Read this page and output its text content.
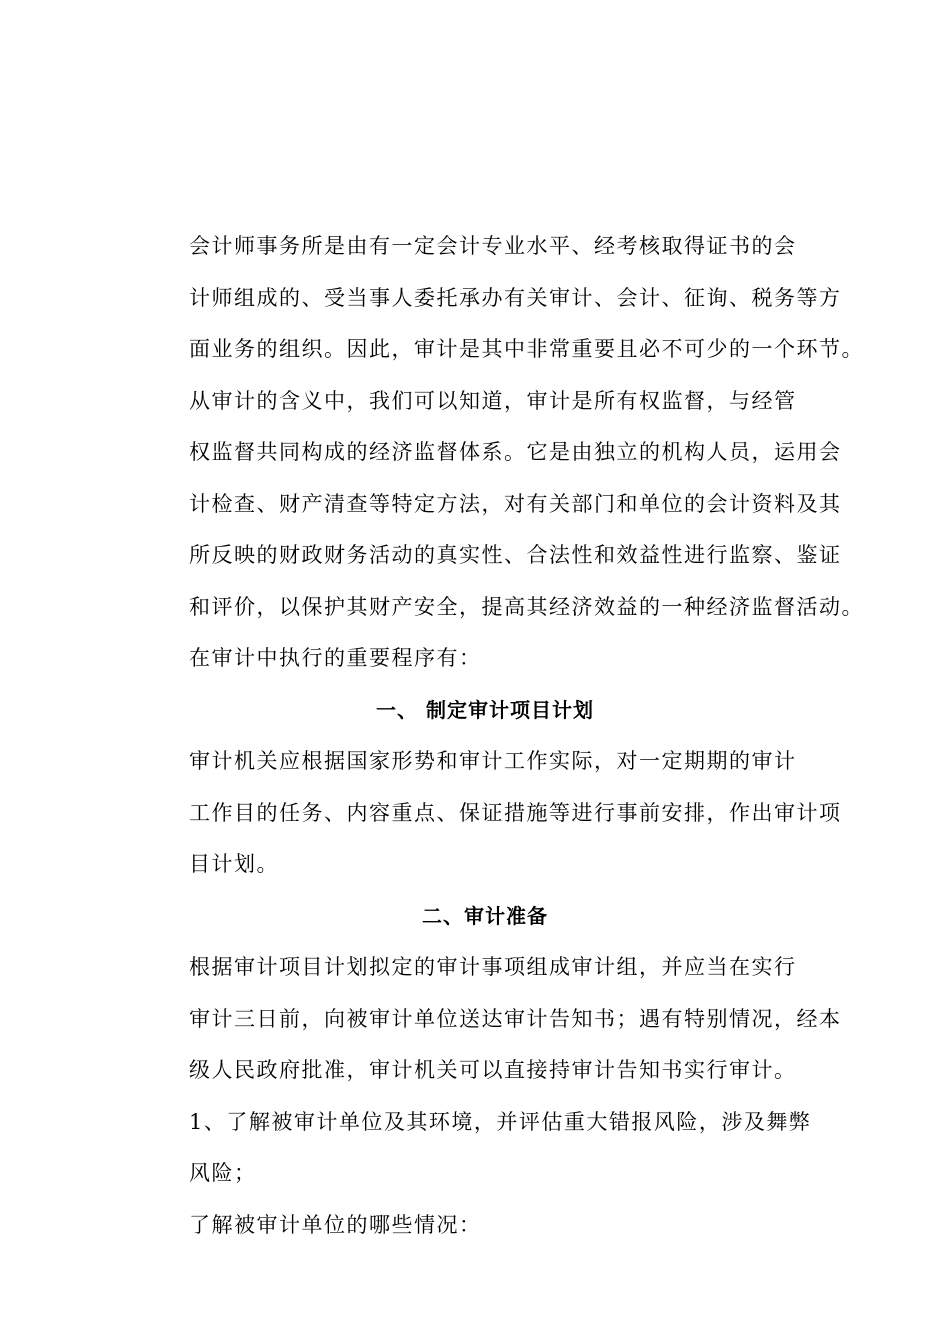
会计师事务所是由有一定会计专业水平、经考核取得证书的会
计师组成的、受当事人委托承办有关审计、会计、征询、税务等方
面业务的组织。因此，审计是其中非常重要且必不可少的一个环节。

从审计的含义中，我们可以知道，审计是所有权监督，与经管
权监督共同构成的经济监督体系。它是由独立的机构人员，运用会
计检查、财产清查等特定方法，对有关部门和单位的会计资料及其
所反映的财政财务活动的真实性、合法性和效益性进行监察、鉴证
和评价，以保护其财产安全，提高其经济效益的一种经济监督活动。
在审计中执行的重要程序有：

一、 制定审计项目计划

审计机关应根据国家形势和审计工作实际，对一定期期的审计
工作目的任务、内容重点、保证措施等进行事前安排，作出审计项
目计划。

二、审计准备

根据审计项目计划拟定的审计事项组成审计组，并应当在实行
审计三日前，向被审计单位送达审计告知书；遇有特别情况，经本
级人民政府批准，审计机关可以直接持审计告知书实行审计。

1、了解被审计单位及其环境，并评估重大错报风险，涉及舞弊
风险；

了解被审计单位的哪些情况：
